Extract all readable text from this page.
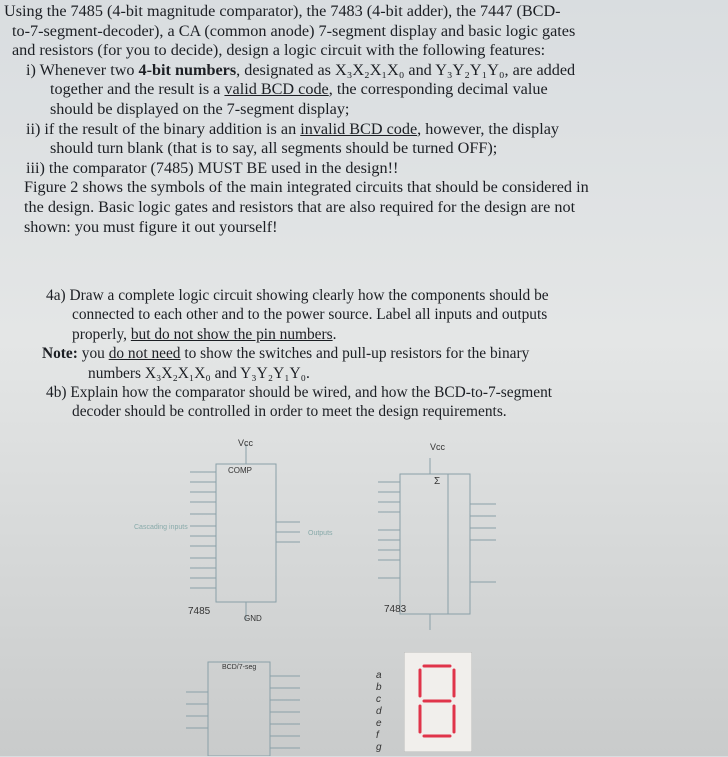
Using the 7485 (4-bit magnitude comparator), the 7483 (4-bit adder), the 7447 (BCD-
to-7-segment-decoder), a CA (common anode) 7-segment display and basic logic gates
and resistors (for you to decide), design a logic circuit with the following features:
i) Whenever two 4-bit numbers, designated as X₃X₂X₁X₀ and Y₃Y₂Y₁Y₀, are added
together and the result is a valid BCD code, the corresponding decimal value
should be displayed on the 7-segment display;
ii) if the result of the binary addition is an invalid BCD code, however, the display
should turn blank (that is to say, all segments should be turned OFF);
iii) the comparator (7485) MUST BE used in the design!!
Figure 2 shows the symbols of the main integrated circuits that should be considered in
the design. Basic logic gates and resistors that are also required for the design are not
shown: you must figure it out yourself!
4a) Draw a complete logic circuit showing clearly how the components should be
connected to each other and to the power source. Label all inputs and outputs
properly, but do not show the pin numbers.
Note: you do not need to show the switches and pull-up resistors for the binary
numbers X₃X₂X₁X₀ and Y₃Y₂Y₁Y₀.
4b) Explain how the comparator should be wired, and how the BCD-to-7-segment
decoder should be controlled in order to meet the design requirements.
Vcc
COMP
Cascading inputs
Outputs
7485
GND
Vcc
Σ
7483
BCD/7-seg
a
b
c
d
e
f
g
